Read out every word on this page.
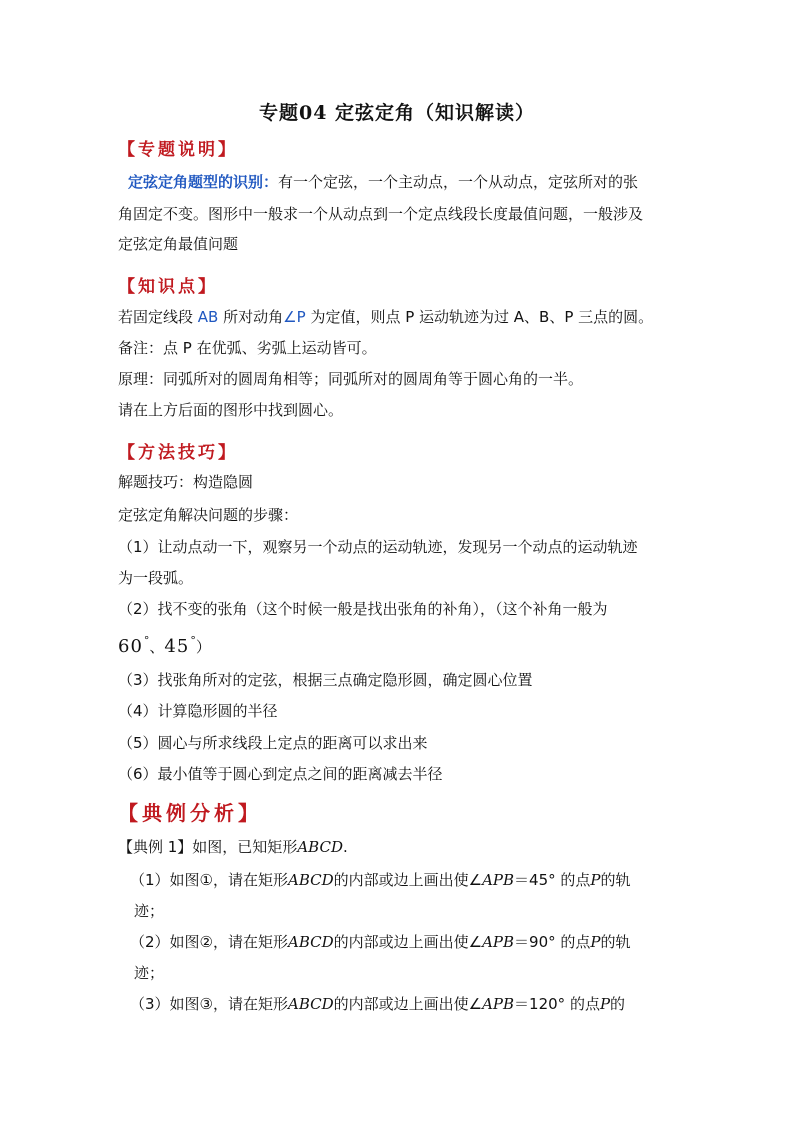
专题04 定弦定角（知识解读）
【专题说明】
定弦定角题型的识别：有一个定弦，一个主动点，一个从动点，定弦所对的张
角固定不变。图形中一般求一个从动点到一个定点线段长度最值问题，一般涉及
定弦定角最值问题
【知识点】
若固定线段 AB 所对动角∠P 为定值，则点 P 运动轨迹为过 A、B、P 三点的圆。
备注：点 P 在优弧、劣弧上运动皆可。
原理：同弧所对的圆周角相等；同弧所对的圆周角等于圆心角的一半。
请在上方后面的图形中找到圆心。
【方法技巧】
解题技巧：构造隐圆
定弦定角解决问题的步骤：
（1）让动点动一下，观察另一个动点的运动轨迹，发现另一个动点的运动轨迹
为一段弧。
（2）找不变的张角（这个时候一般是找出张角的补角），（这个补角一般为
60°、45°）
（3）找张角所对的定弦，根据三点确定隐形圆，确定圆心位置
（4）计算隐形圆的半径
（5）圆心与所求线段上定点的距离可以求出来
（6）最小值等于圆心到定点之间的距离减去半径
【典例分析】
【典例 1】如图，已知矩形ABCD.
（1）如图①，请在矩形ABCD的内部或边上画出使∠APB＝45° 的点P的轨
迹；
（2）如图②，请在矩形ABCD的内部或边上画出使∠APB＝90° 的点P的轨
迹；
（3）如图③，请在矩形ABCD的内部或边上画出使∠APB＝120° 的点P的
